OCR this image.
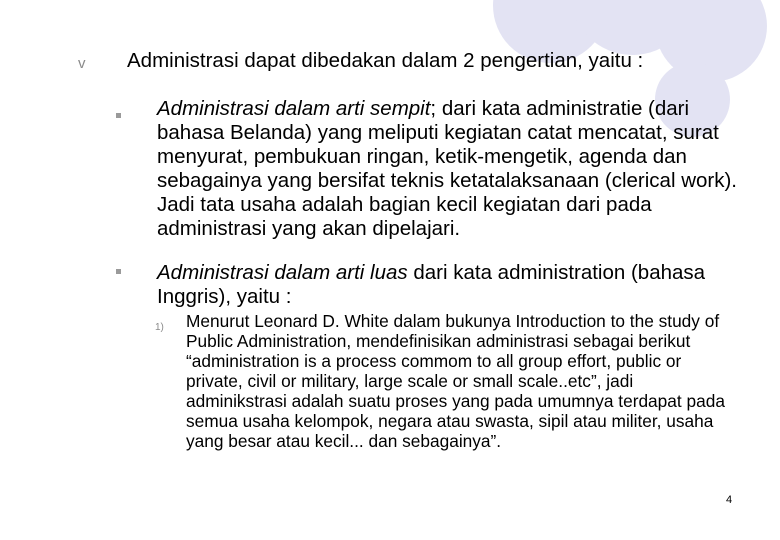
v Administrasi dapat dibedakan dalam 2 pengertian, yaitu :
Administrasi dalam arti sempit; dari kata administratie (dari bahasa Belanda) yang meliputi kegiatan catat mencatat, surat menyurat, pembukuan ringan, ketik-mengetik, agenda dan sebagainya yang bersifat teknis ketatalaksanaan (clerical work). Jadi tata usaha adalah bagian kecil kegiatan dari pada administrasi yang akan dipelajari.
Administrasi dalam arti luas dari kata administration (bahasa Inggris), yaitu :
1) Menurut Leonard D. White dalam bukunya Introduction to the study of Public Administration, mendefinisikan administrasi sebagai berikut “administration is a process commom to all group effort, public or private, civil or military, large scale or small scale..etc”, jadi adminikstrasi adalah suatu proses yang pada umumnya terdapat pada semua usaha kelompok, negara atau swasta, sipil atau militer, usaha yang besar atau kecil... dan sebagainya”.
4
